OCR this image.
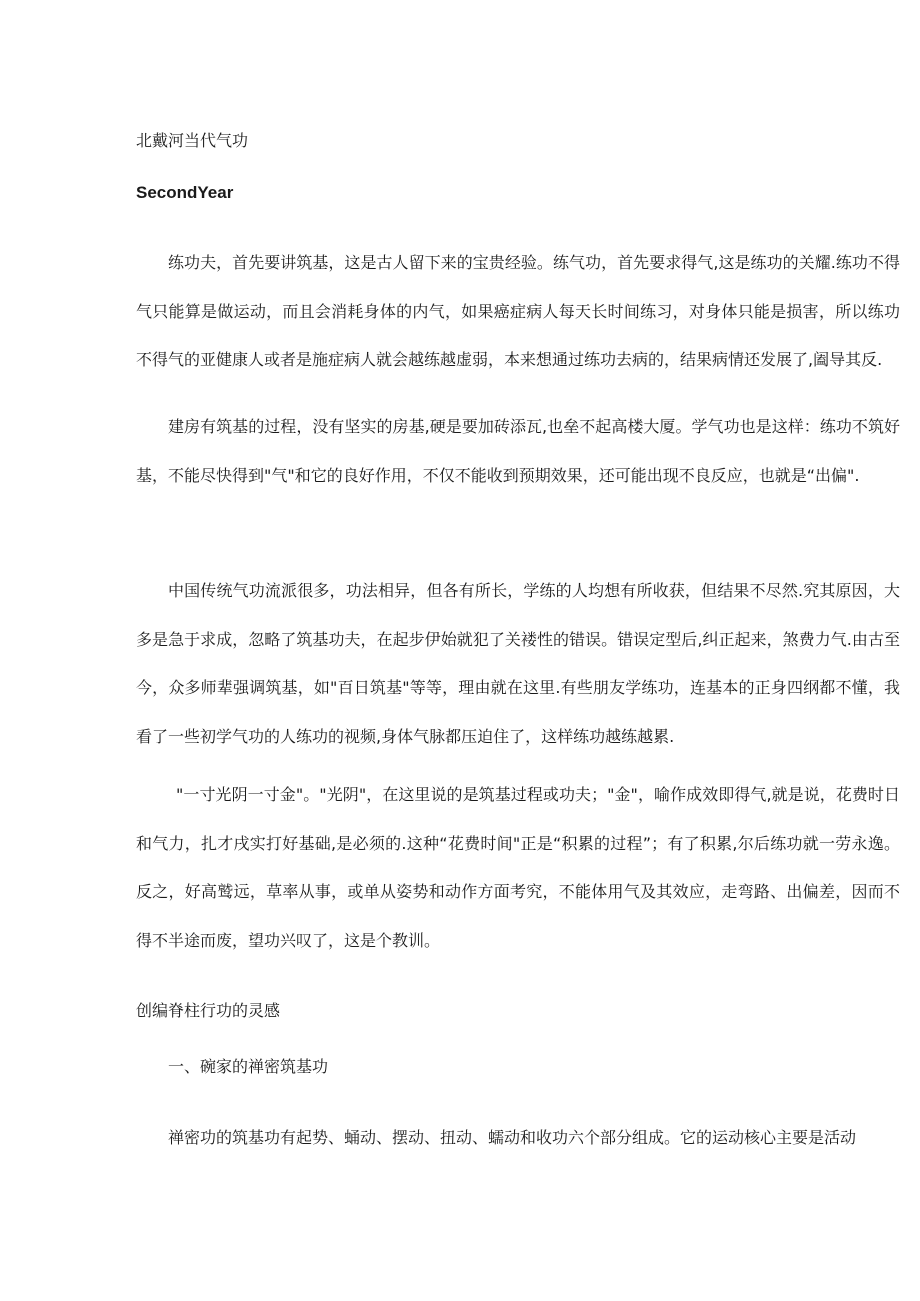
北戴河当代气功
SecondYear

练功夫，首先要讲筑基，这是古人留下来的宝贵经验。练气功，首先要求得气,这是练功的关耀.练功不得气只能算是做运动，而且会消耗身体的内气，如果癌症病人每天长时间练习，对身体只能是损害，所以练功不得气的亚健康人或者是施症病人就会越练越虚弱，本来想通过练功去病的，结果病情还发展了,阖导其反.

建房有筑基的过程，没有坚实的房基,硬是要加砖添瓦,也垒不起高楼大厦。学气功也是这样：练功不筑好基，不能尽快得到"气"和它的良好作用，不仅不能收到预期效果，还可能出现不良反应，也就是“出偏".

中国传统气功流派很多，功法相异，但各有所长，学练的人均想有所收获，但结果不尽然.究其原因，大多是急于求成，忽略了筑基功夫，在起步伊始就犯了关褛性的错误。错误定型后,纠正起来，煞费力气.由古至今，众多师辈强调筑基，如"百日筑基"等等，理由就在这里.有些朋友学练功，连基本的正身四纲都不懂，我看了一些初学气功的人练功的视频,身体气脉都压迫住了，这样练功越练越累.

"一寸光阴一寸金"。"光阴"，在这里说的是筑基过程或功夫；"金"，喻作成效即得气,就是说，花费时日和气力，扎才戌实打好基础,是必须的.这种“花费时间"正是“积累的过程”；有了积累,尔后练功就一劳永逸。反之，好高鹫远，草率从事，或单从姿势和动作方面考究，不能体用气及其效应，走弯路、出偏差，因而不得不半途而废，望功兴叹了，这是个教训。

创编脊柱行功的灵感
一、碗家的禅密筑基功

禅密功的筑基功有起势、蛹动、摆动、扭动、蠕动和收功六个部分组成。它的运动核心主要是活动
